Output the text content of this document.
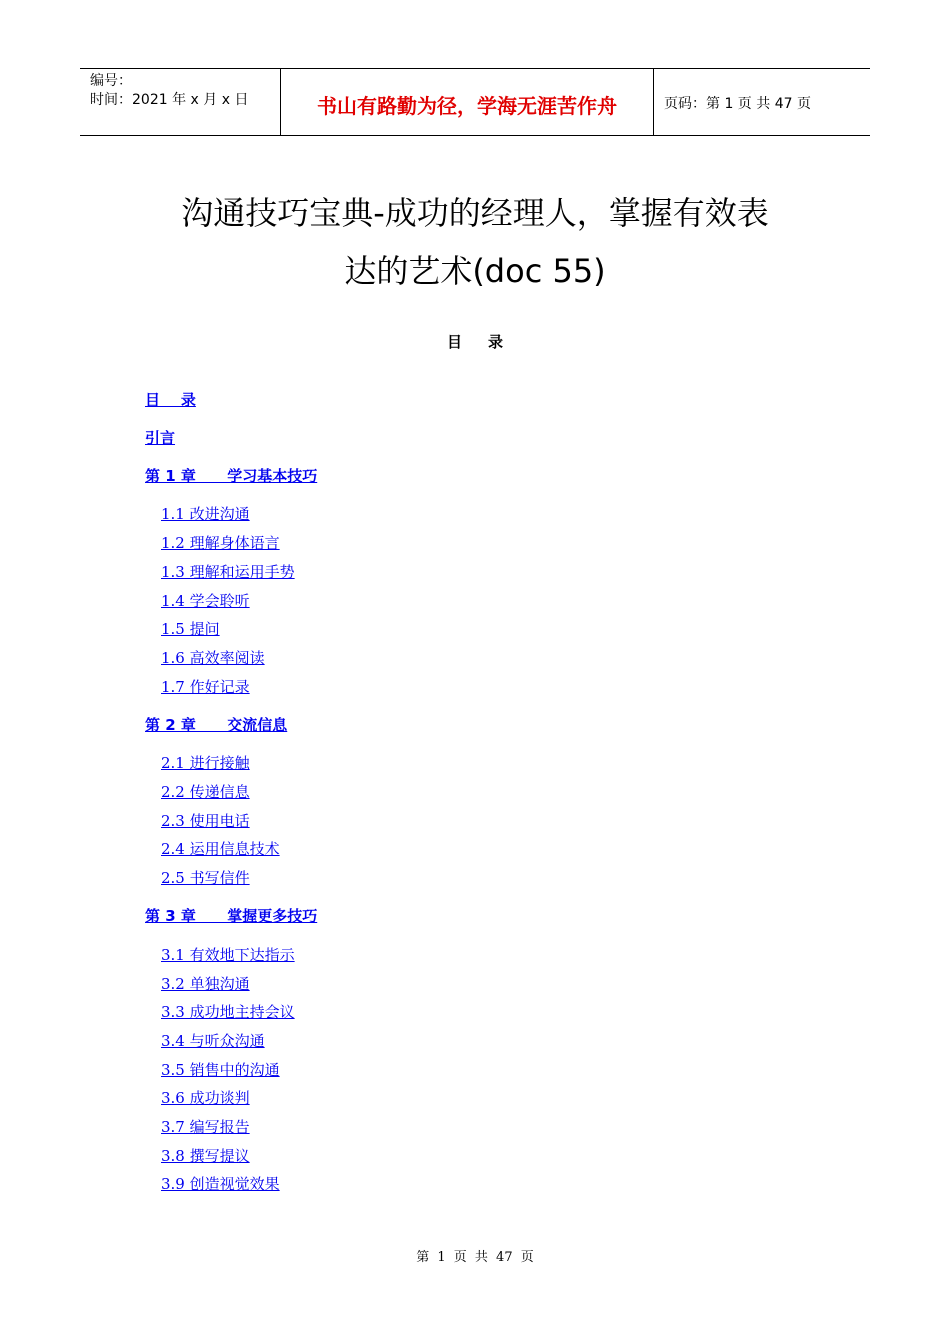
编号：
时间：2021 年 x 月 x 日	书山有路勤为径，学海无涯苦作舟	页码：第 1 页 共 47 页
沟通技巧宝典-成功的经理人，掌握有效表
达的艺术(doc 55)
目录
目    录
引言
第 1 章      学习基本技巧
1.1 改进沟通
1.2 理解身体语言
1.3 理解和运用手势
1.4 学会聆听
1.5 提问
1.6 高效率阅读
1.7 作好记录
第 2 章      交流信息
2.1 进行接触
2.2 传递信息
2.3 使用电话
2.4 运用信息技术
2.5 书写信件
第 3 章      掌握更多技巧
3.1 有效地下达指示
3.2 单独沟通
3.3 成功地主持会议
3.4 与听众沟通
3.5 销售中的沟通
3.6 成功谈判
3.7 编写报告
3.8 撰写提议
3.9 创造视觉效果
第 1 页 共 47 页
